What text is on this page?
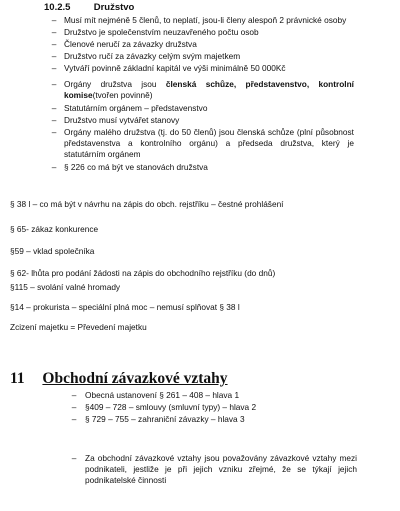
10.2.5 Družstvo
– Musí mít nejméně 5 členů, to neplatí, jsou-li členy alespoň 2 právnické osoby
– Družstvo je společenstvím neuzavřeného počtu osob
– Členové neručí za závazky družstva
– Družstvo ručí za závazky celým svým majetkem
– Vytváří povinně základní kapitál ve výši minimálně 50 000Kč
– Orgány družstva jsou členská schůze, představenstvo, kontrolní komise(tvořen povinně)
– Statutárním orgánem – představenstvo
– Družstvo musí vytvářet stanovy
– Orgány malého družstva (tj. do 50 členů) jsou členská schůze (plní působnost představenstva a kontrolního orgánu) a předseda družstva, který je statutárním orgánem
– § 226 co má být ve stanovách družstva
§ 38 l – co má být v návrhu na zápis do obch. rejstříku – čestné prohlášení
§ 65- zákaz konkurence
§59 – vklad společníka
§ 62- lhůta pro podání žádosti na zápis do obchodního rejstříku (do dnů)
§115 – svolání valné hromady
§14 – prokurista – speciální plná moc – nemusí splňovat § 38 l
Zcizení majetku = Převedení majetku
11 Obchodní závazkové vztahy
– Obecná ustanovení § 261 – 408 – hlava 1
– §409 – 728 – smlouvy (smluvní typy) – hlava 2
– § 729 – 755 – zahraniční závazky – hlava 3
– Za obchodní závazkové vztahy jsou považovány závazkové vztahy mezi podnikateli, jestliže je při jejich vzniku zřejmé, že se týkají jejich podnikatelské činnosti
